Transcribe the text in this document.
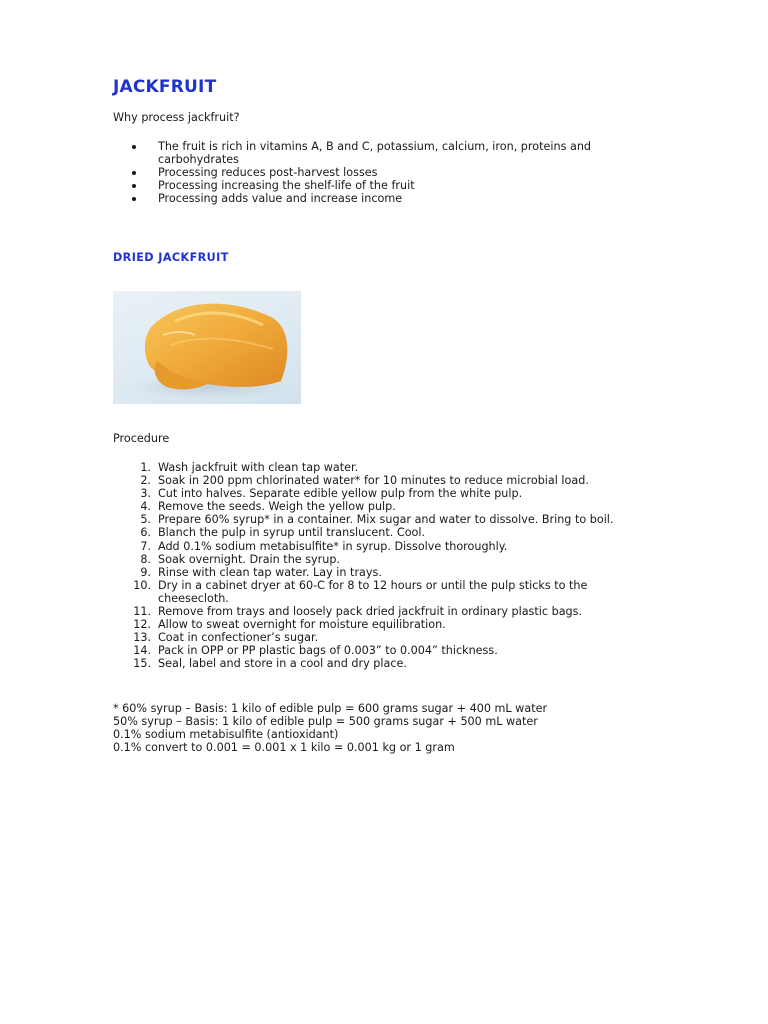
JACKFRUIT

Why process jackfruit?

The fruit is rich in vitamins A, B and C, potassium, calcium, iron, proteins and carbohydrates
Processing reduces post-harvest losses
Processing increasing the shelf-life of the fruit
Processing adds value and increase income
DRIED JACKFRUIT

Procedure

1. Wash jackfruit with clean tap water.
2. Soak in 200 ppm chlorinated water* for 10 minutes to reduce microbial load.
3. Cut into halves. Separate edible yellow pulp from the white pulp.
4. Remove the seeds. Weigh the yellow pulp.
5. Prepare 60% syrup* in a container. Mix sugar and water to dissolve. Bring to boil.
6. Blanch the pulp in syrup until translucent. Cool.
7. Add 0.1% sodium metabisulfite* in syrup. Dissolve thoroughly.
8. Soak overnight. Drain the syrup.
9. Rinse with clean tap water. Lay in trays.
10. Dry in a cabinet dryer at 60-C for 8 to 12 hours or until the pulp sticks to the cheesecloth.
11. Remove from trays and loosely pack dried jackfruit in ordinary plastic bags.
12. Allow to sweat overnight for moisture equilibration.
13. Coat in confectioner’s sugar.
14. Pack in OPP or PP plastic bags of 0.003” to 0.004” thickness.
15. Seal, label and store in a cool and dry place.
* 60% syrup – Basis: 1 kilo of edible pulp = 600 grams sugar + 400 mL water
50% syrup – Basis: 1 kilo of edible pulp = 500 grams sugar + 500 mL water
0.1% sodium metabisulfite (antioxidant)
0.1% convert to 0.001 = 0.001 x 1 kilo = 0.001 kg or 1 gram
